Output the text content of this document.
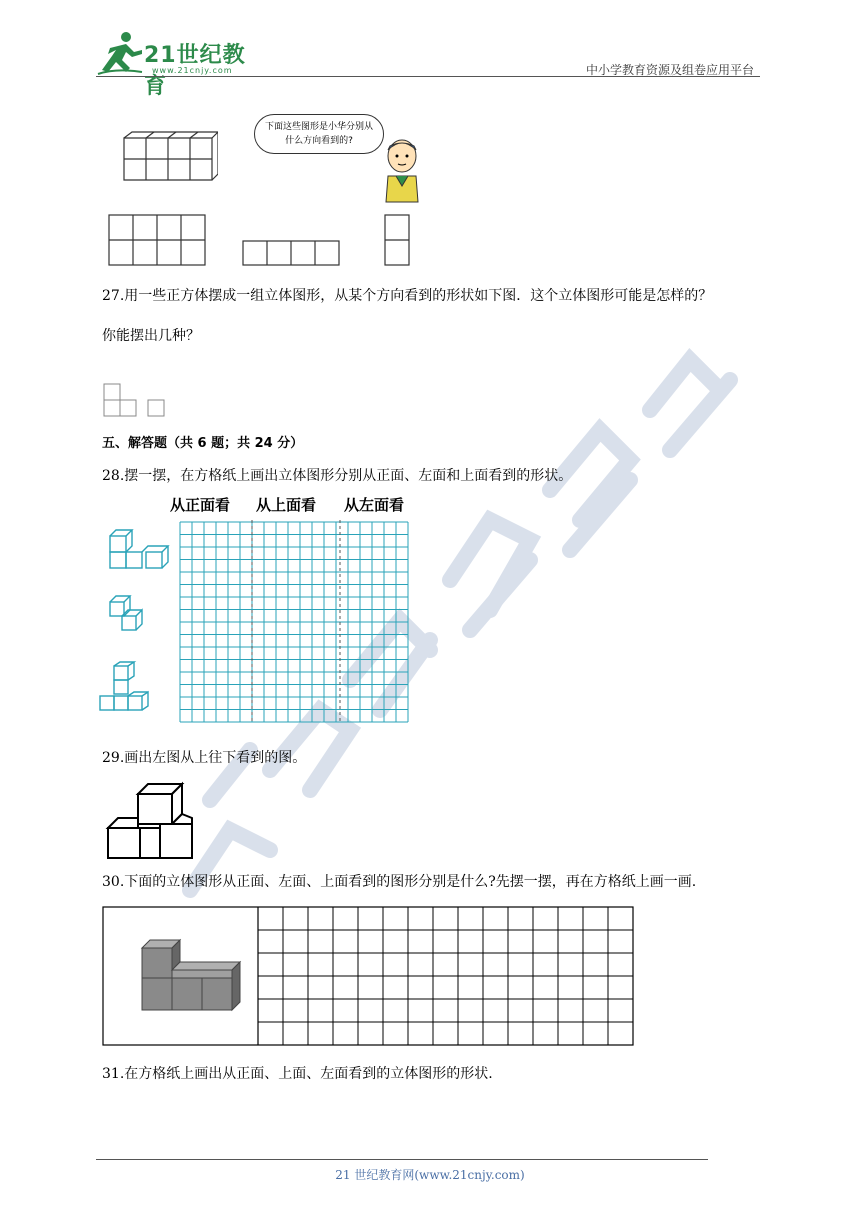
21世纪教育
www.21cnjy.com	中小学教育资源及组卷应用平台
下面这些图形是小华分别从什么方向看到的?
27.用一些正方体摆成一组立体图形，从某个方向看到的形状如下图．这个立体图形可能是怎样的？
你能摆出几种？
五、解答题（共 6 题；共 24 分）
28.摆一摆，在方格纸上画出立体图形分别从正面、左面和上面看到的形状。
从正面看 从上面看 从左面看
29.画出左图从上往下看到的图。
30.下面的立体图形从正面、左面、上面看到的图形分别是什么?先摆一摆，再在方格纸上画一画.
31.在方格纸上画出从正面、上面、左面看到的立体图形的形状.
21 世纪教育网(www.21cnjy.com)
